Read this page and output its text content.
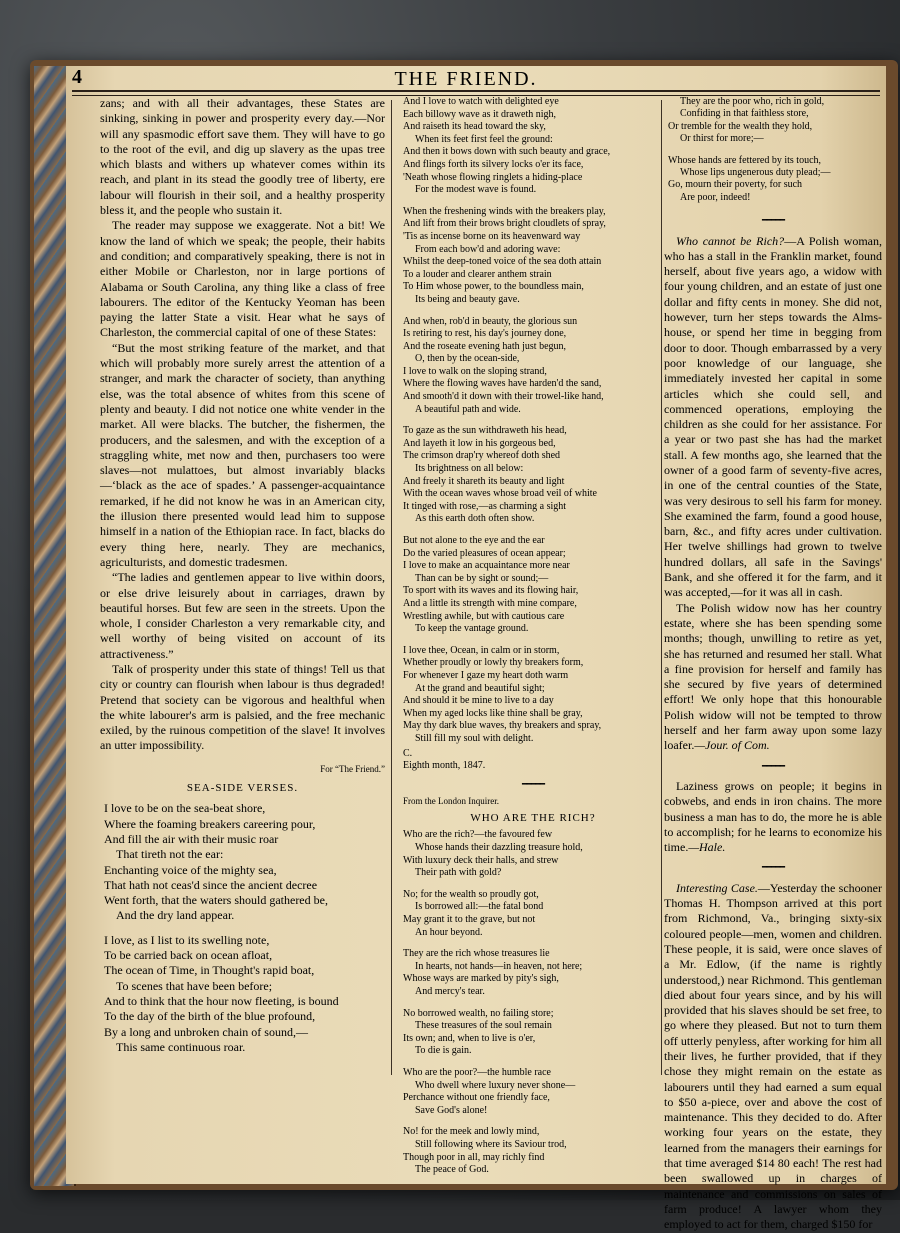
4	THE FRIEND.

zans; and with all their advantages, these States are sinking, sinking in power and prosperity every day.—Nor will any spasmodic effort save them. They will have to go to the root of the evil, and dig up slavery as the upas tree which blasts and withers up whatever comes within its reach, and plant in its stead the goodly tree of liberty, ere labour will flourish in their soil, and a healthy prosperity bless it, and the people who sustain it.

The reader may suppose we exaggerate. Not a bit! We know the land of which we speak; the people, their habits and condition; and comparatively speaking, there is not in either Mobile or Charleston, nor in large portions of Alabama or South Carolina, any thing like a class of free labourers. The editor of the Kentucky Yeoman has been paying the latter State a visit. Hear what he says of Charleston, the commercial capital of one of these States:

“But the most striking feature of the market, and that which will probably more surely arrest the attention of a stranger, and mark the character of society, than anything else, was the total absence of whites from this scene of plenty and beauty. I did not notice one white vender in the market. All were blacks. The butcher, the fishermen, the producers, and the salesmen, and with the exception of a straggling white, met now and then, purchasers too were slaves—not mulattoes, but almost invariably blacks—‘black as the ace of spades.’ A passenger-acquaintance remarked, if he did not know he was in an American city, the illusion there presented would lead him to suppose himself in a nation of the Ethiopian race. In fact, blacks do every thing here, nearly. They are mechanics, agriculturists, and domestic tradesmen.

“The ladies and gentlemen appear to live within doors, or else drive leisurely about in carriages, drawn by beautiful horses. But few are seen in the streets. Upon the whole, I consider Charleston a very remarkable city, and well worthy of being visited on account of its attractiveness.”

Talk of prosperity under this state of things! Tell us that city or country can flourish when labour is thus degraded! Pretend that society can be vigorous and healthful when the white labourer's arm is palsied, and the free mechanic exiled, by the ruinous competition of the slave! It involves an utter impossibility.

For “The Friend.”

SEA-SIDE VERSES.

I love to be on the sea-beat shore,

Where the foaming breakers careering pour,

And fill the air with their music roar

That tireth not the ear:

Enchanting voice of the mighty sea,

That hath not ceas'd since the ancient decree

Went forth, that the waters should gathered be,

And the dry land appear.

I love, as I list to its swelling note,

To be carried back on ocean afloat,

The ocean of Time, in Thought's rapid boat,

To scenes that have been before;

And to think that the hour now fleeting, is bound

To the day of the birth of the blue profound,

By a long and unbroken chain of sound,—

This same continuous roar.

And I love to watch with delighted eye

Each billowy wave as it draweth nigh,

And raiseth its head toward the sky,

When its feet first feel the ground:

And then it bows down with such beauty and grace,

And flings forth its silvery locks o'er its face,

'Neath whose flowing ringlets a hiding-place

For the modest wave is found.

When the freshening winds with the breakers play,

And lift from their brows bright cloudlets of spray,

'Tis as incense borne on its heavenward way

From each bow'd and adoring wave:

Whilst the deep-toned voice of the sea doth attain

To a louder and clearer anthem strain

To Him whose power, to the boundless main,

Its being and beauty gave.

And when, rob'd in beauty, the glorious sun

Is retiring to rest, his day's journey done,

And the roseate evening hath just begun,

O, then by the ocean-side,

I love to walk on the sloping strand,

Where the flowing waves have harden'd the sand,

And smooth'd it down with their trowel-like hand,

A beautiful path and wide.

To gaze as the sun withdraweth his head,

And layeth it low in his gorgeous bed,

The crimson drap'ry whereof doth shed

Its brightness on all below:

And freely it shareth its beauty and light

With the ocean waves whose broad veil of white

It tinged with rose,—as charming a sight

As this earth doth often show.

But not alone to the eye and the ear

Do the varied pleasures of ocean appear;

I love to make an acquaintance more near

Than can be by sight or sound;—

To sport with its waves and its flowing hair,

And a little its strength with mine compare,

Wrestling awhile, but with cautious care

To keep the vantage ground.

I love thee, Ocean, in calm or in storm,

Whether proudly or lowly thy breakers form,

For whenever I gaze my heart doth warm

At the grand and beautiful sight;

And should it be mine to live to a day

When my aged locks like thine shall be gray,

May thy dark blue waves, thy breakers and spray,

Still fill my soul with delight.

C.

Eighth month, 1847.

━━━━━

From the London Inquirer.

WHO ARE THE RICH?

Who are the rich?—the favoured few

Whose hands their dazzling treasure hold,

With luxury deck their halls, and strew

Their path with gold?

No; for the wealth so proudly got,

Is borrowed all:—the fatal bond

May grant it to the grave, but not

An hour beyond.

They are the rich whose treasures lie

In hearts, not hands—in heaven, not here;

Whose ways are marked by pity's sigh,

And mercy's tear.

No borrowed wealth, no failing store;

These treasures of the soul remain

Its own; and, when to live is o'er,

To die is gain.

Who are the poor?—the humble race

Who dwell where luxury never shone—

Perchance without one friendly face,

Save God's alone!

No! for the meek and lowly mind,

Still following where its Saviour trod,

Though poor in all, may richly find

The peace of God.

They are the poor who, rich in gold,

Confiding in that faithless store,

Or tremble for the wealth they hold,

Or thirst for more;—

Whose hands are fettered by its touch,

Whose lips ungenerous duty plead;—

Go, mourn their poverty, for such

Are poor, indeed!

━━━━━

Who cannot be Rich?—A Polish woman, who has a stall in the Franklin market, found herself, about five years ago, a widow with four young children, and an estate of just one dollar and fifty cents in money. She did not, however, turn her steps towards the Alms-house, or spend her time in begging from door to door. Though embarrassed by a very poor knowledge of our language, she immediately invested her capital in some articles which she could sell, and commenced operations, employing the children as she could for her assistance. For a year or two past she has had the market stall. A few months ago, she learned that the owner of a good farm of seventy-five acres, in one of the central counties of the State, was very desirous to sell his farm for money. She examined the farm, found a good house, barn, &c., and fifty acres under cultivation. Her twelve shillings had grown to twelve hundred dollars, all safe in the Savings' Bank, and she offered it for the farm, and it was accepted,—for it was all in cash.

The Polish widow now has her country estate, where she has been spending some months; though, unwilling to retire as yet, she has returned and resumed her stall. What a fine provision for herself and family has she secured by five years of determined effort! We only hope that this honourable Polish widow will not be tempted to throw herself and her farm away upon some lazy loafer.—Jour. of Com.

━━━━━

Laziness grows on people; it begins in cobwebs, and ends in iron chains. The more business a man has to do, the more he is able to accomplish; for he learns to economize his time.—Hale.

━━━━━

Interesting Case.—Yesterday the schooner Thomas H. Thompson arrived at this port from Richmond, Va., bringing sixty-six coloured people—men, women and children. These people, it is said, were once slaves of a Mr. Edlow, (if the name is rightly understood,) near Richmond. This gentleman died about four years since, and by his will provided that his slaves should be set free, to go where they pleased. But not to turn them off utterly penyless, after working for him all their lives, he further provided, that if they chose they might remain on the estate as labourers until they had earned a sum equal to $50 a-piece, over and above the cost of maintenance. This they decided to do. After working four years on the estate, they learned from the managers their earnings for that time averaged $14 80 each! The rest had been swallowed up in charges of maintenance and commissions on sales of farm produce! A lawyer whom they employed to act for them, charged $150 for
